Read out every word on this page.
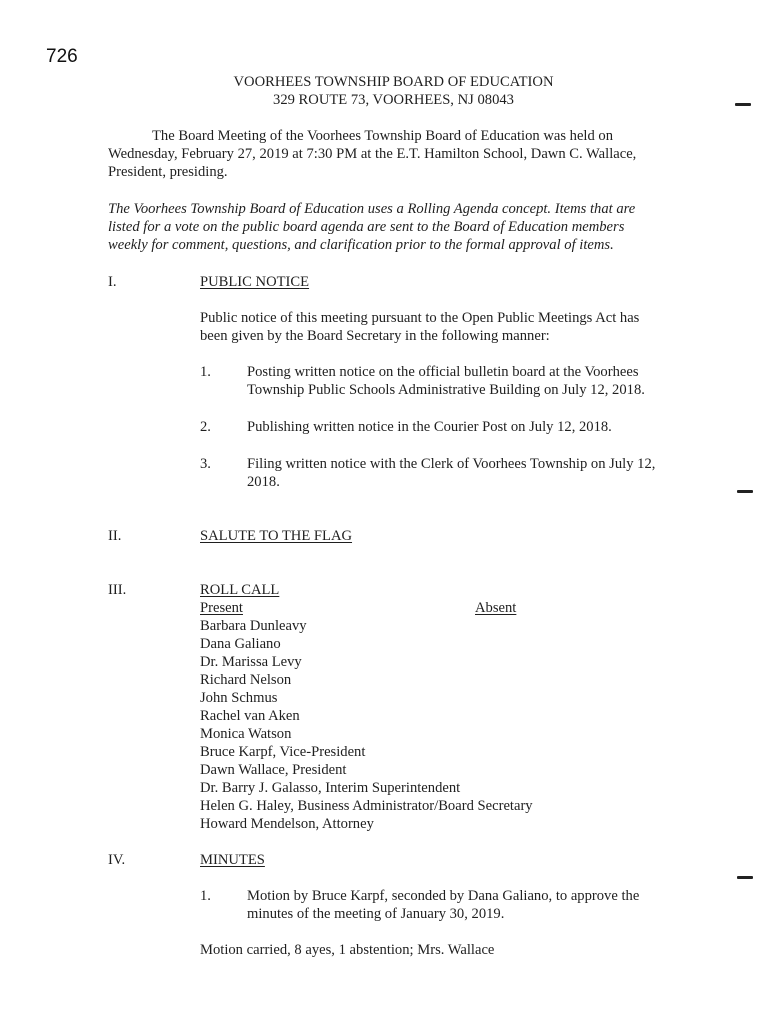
726
VOORHEES TOWNSHIP BOARD OF EDUCATION
329 ROUTE 73, VOORHEES, NJ 08043
The Board Meeting of the Voorhees Township Board of Education was held on
Wednesday, February 27, 2019 at 7:30 PM at the E.T. Hamilton School, Dawn C. Wallace,
President, presiding.
The Voorhees Township Board of Education uses a Rolling Agenda concept. Items that are
listed for a vote on the public board agenda are sent to the Board of Education members
weekly for comment, questions, and clarification prior to the formal approval of items.
I.	PUBLIC NOTICE
Public notice of this meeting pursuant to the Open Public Meetings Act has
been given by the Board Secretary in the following manner:
1. Posting written notice on the official bulletin board at the Voorhees
Township Public Schools Administrative Building on July 12, 2018.
2. Publishing written notice in the Courier Post on July 12, 2018.
3. Filing written notice with the Clerk of Voorhees Township on July 12,
2018.
II.	SALUTE TO THE FLAG
III.	ROLL CALL
Present	Absent
Barbara Dunleavy
Dana Galiano
Dr. Marissa Levy
Richard Nelson
John Schmus
Rachel van Aken
Monica Watson
Bruce Karpf, Vice-President
Dawn Wallace, President
Dr. Barry J. Galasso, Interim Superintendent
Helen G. Haley, Business Administrator/Board Secretary
Howard Mendelson, Attorney
IV.	MINUTES
1. Motion by Bruce Karpf, seconded by Dana Galiano, to approve the
minutes of the meeting of January 30, 2019.
Motion carried, 8 ayes, 1 abstention; Mrs. Wallace
